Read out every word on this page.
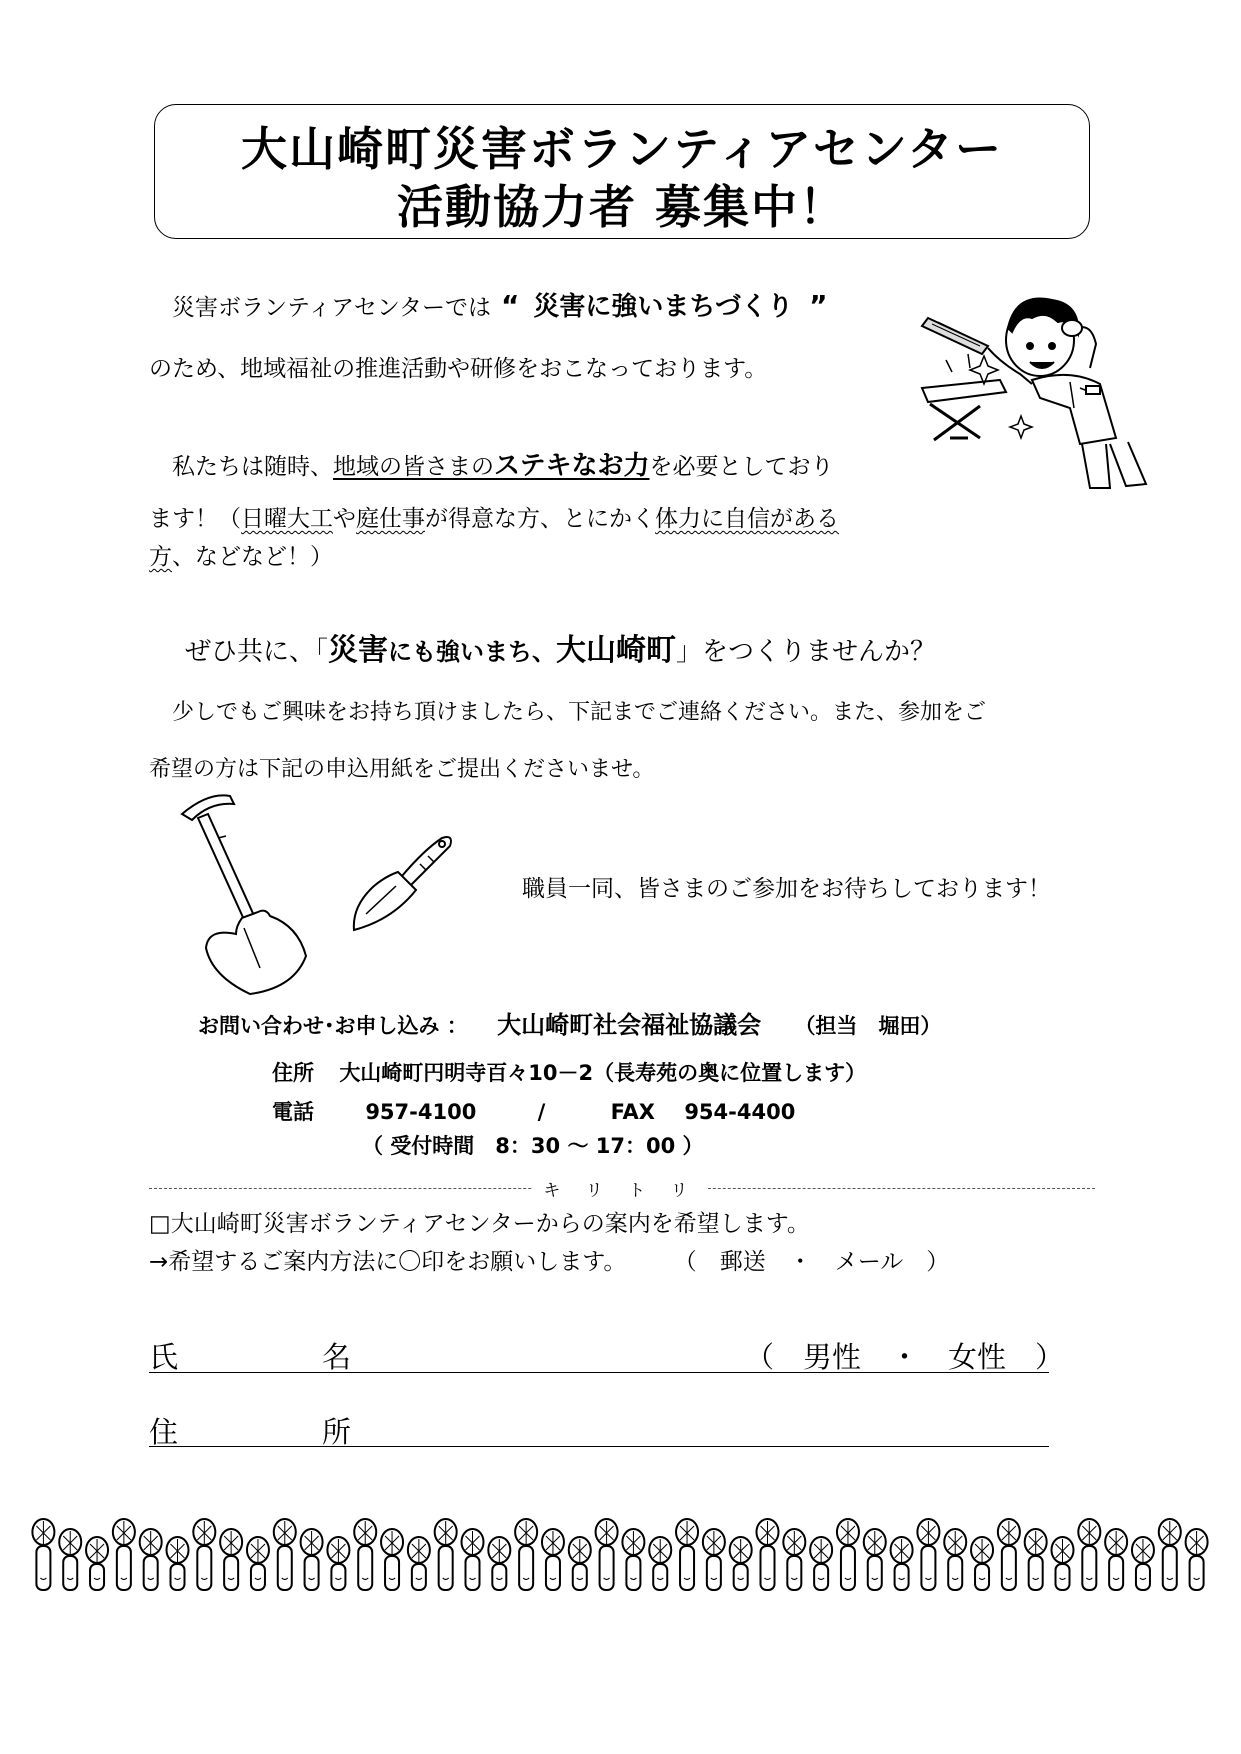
大山崎町災害ボランティアセンター
活動協力者 募集中！
災害ボランティアセンターでは “ 災害に強いまちづくり ”
のため、地域福祉の推進活動や研修をおこなっております。
私たちは随時、地域の皆さまのステキなお力を必要としており
ます！（日曜大工や庭仕事が得意な方、とにかく体力に自信がある
方、などなど！）
ぜひ共に、「災害にも強いまち、大山崎町」をつくりませんか？
少しでもご興味をお持ち頂けましたら、下記までご連絡ください。また、参加をご
希望の方は下記の申込用紙をご提出くださいませ。
職員一同、皆さまのご参加をお待ちしております！
お問い合わせ･お申し込み ： 大山崎町社会福祉協議会 （担当　堀田）
住所 大山崎町円明寺百々10－2（長寿苑の奥に位置します）
電話 957-4100	/	FAX 954-4400
（ 受付時間　8：30 ～ 17：00 ）
キ リ ト リ
□大山崎町災害ボランティアセンターからの案内を希望します。
→希望するご案内方法に〇印をお願いします。 （　郵送　・　メール　）
氏	名	（　男性　・　女性　）
住	所
